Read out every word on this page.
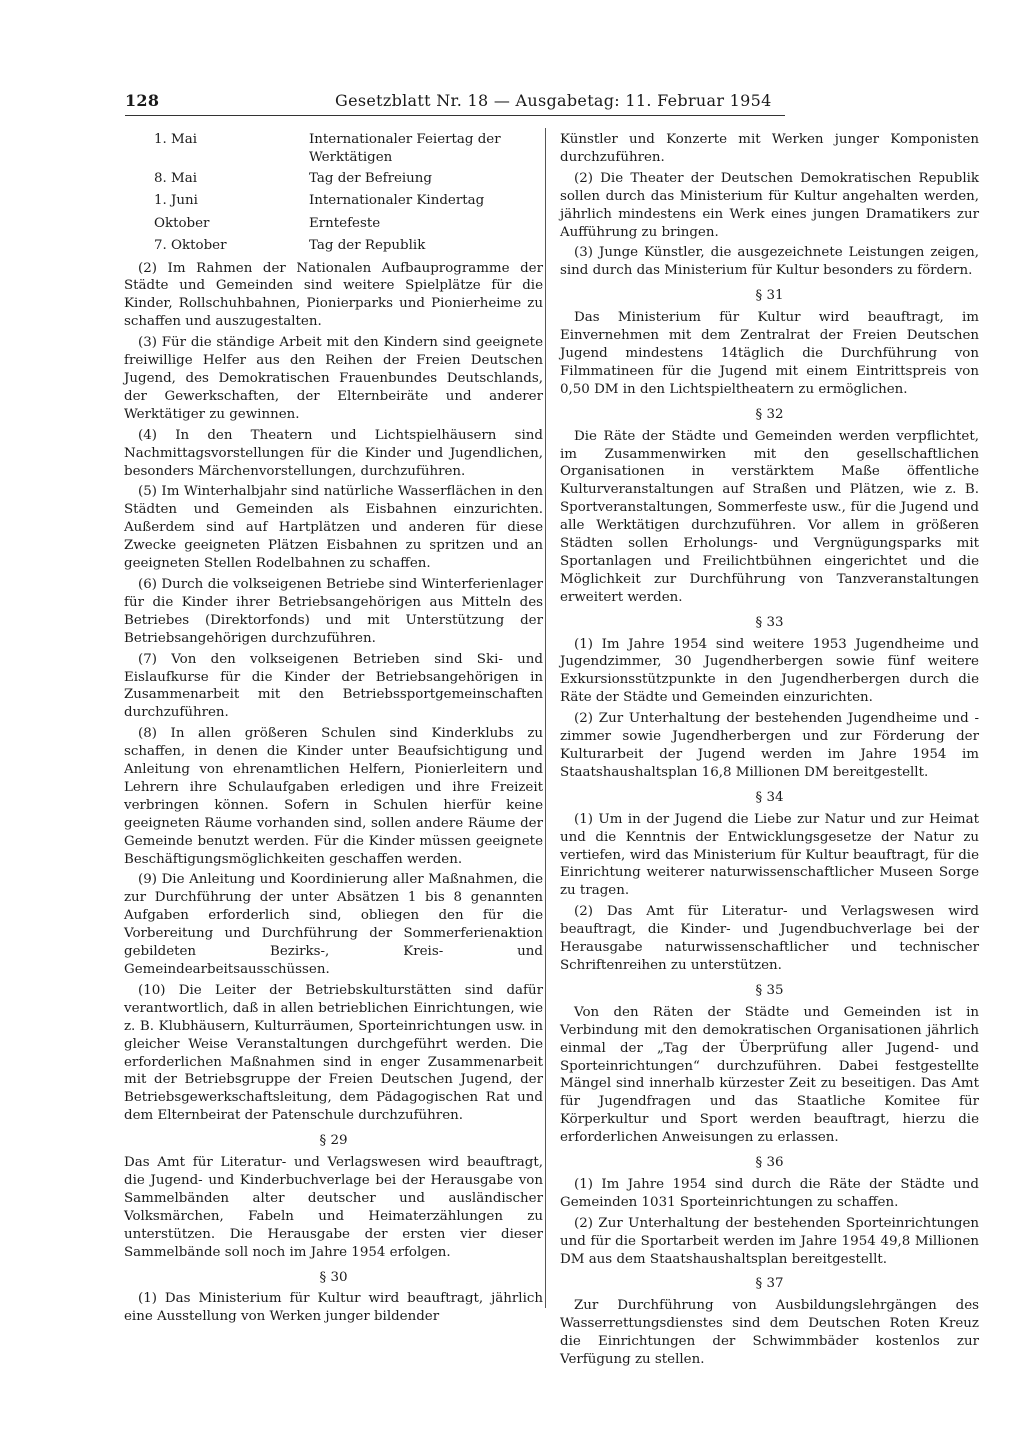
128	Gesetzblatt Nr. 18 — Ausgabetag: 11. Februar 1954
1. Mai	Internationaler Feiertag der Werktätigen
8. Mai	Tag der Befreiung
1. Juni	Internationaler Kindertag
Oktober	Erntefeste
7. Oktober	Tag der Republik

(2) Im Rahmen der Nationalen Aufbauprogramme der Städte und Gemeinden sind weitere Spielplätze für die Kinder, Rollschuhbahnen, Pionierparks und Pionierheime zu schaffen und auszugestalten.

(3) Für die ständige Arbeit mit den Kindern sind geeignete freiwillige Helfer aus den Reihen der Freien Deutschen Jugend, des Demokratischen Frauenbundes Deutschlands, der Gewerkschaften, der Elternbeiräte und anderer Werktätiger zu gewinnen.

(4) In den Theatern und Lichtspielhäusern sind Nachmittagsvorstellungen für die Kinder und Jugendlichen, besonders Märchenvorstellungen, durchzuführen.

(5) Im Winterhalbjahr sind natürliche Wasserflächen in den Städten und Gemeinden als Eisbahnen einzurichten. Außerdem sind auf Hartplätzen und anderen für diese Zwecke geeigneten Plätzen Eisbahnen zu spritzen und an geeigneten Stellen Rodelbahnen zu schaffen.

(6) Durch die volkseigenen Betriebe sind Winterferienlager für die Kinder ihrer Betriebsangehörigen aus Mitteln des Betriebes (Direktorfonds) und mit Unterstützung der Betriebsangehörigen durchzuführen.

(7) Von den volkseigenen Betrieben sind Ski- und Eislaufkurse für die Kinder der Betriebsangehörigen in Zusammenarbeit mit den Betriebssportgemeinschaften durchzuführen.

(8) In allen größeren Schulen sind Kinderklubs zu schaffen, in denen die Kinder unter Beaufsichtigung und Anleitung von ehrenamtlichen Helfern, Pionierleitern und Lehrern ihre Schulaufgaben erledigen und ihre Freizeit verbringen können. Sofern in Schulen hierfür keine geeigneten Räume vorhanden sind, sollen andere Räume der Gemeinde benutzt werden. Für die Kinder müssen geeignete Beschäftigungsmöglichkeiten geschaffen werden.

(9) Die Anleitung und Koordinierung aller Maßnahmen, die zur Durchführung der unter Absätzen 1 bis 8 genannten Aufgaben erforderlich sind, obliegen den für die Vorbereitung und Durchführung der Sommerferienaktion gebildeten Bezirks-, Kreis- und Gemeindearbeitsausschüssen.

(10) Die Leiter der Betriebskulturstätten sind dafür verantwortlich, daß in allen betrieblichen Einrichtungen, wie z. B. Klubhäusern, Kulturräumen, Sporteinrichtungen usw. in gleicher Weise Veranstaltungen durchgeführt werden. Die erforderlichen Maßnahmen sind in enger Zusammenarbeit mit der Betriebsgruppe der Freien Deutschen Jugend, der Betriebsgewerkschaftsleitung, dem Pädagogischen Rat und dem Elternbeirat der Patenschule durchzuführen.

§ 29

Das Amt für Literatur- und Verlagswesen wird beauftragt, die Jugend- und Kinderbuchverlage bei der Herausgabe von Sammelbänden alter deutscher und ausländischer Volksmärchen, Fabeln und Heimaterzählungen zu unterstützen. Die Herausgabe der ersten vier dieser Sammelbände soll noch im Jahre 1954 erfolgen.

§ 30

(1) Das Ministerium für Kultur wird beauftragt, jährlich eine Ausstellung von Werken junger bildender

Künstler und Konzerte mit Werken junger Komponisten durchzuführen.

(2) Die Theater der Deutschen Demokratischen Republik sollen durch das Ministerium für Kultur angehalten werden, jährlich mindestens ein Werk eines jungen Dramatikers zur Aufführung zu bringen.

(3) Junge Künstler, die ausgezeichnete Leistungen zeigen, sind durch das Ministerium für Kultur besonders zu fördern.

§ 31

Das Ministerium für Kultur wird beauftragt, im Einvernehmen mit dem Zentralrat der Freien Deutschen Jugend mindestens 14täglich die Durchführung von Filmmatineen für die Jugend mit einem Eintrittspreis von 0,50 DM in den Lichtspieltheatern zu ermöglichen.

§ 32

Die Räte der Städte und Gemeinden werden verpflichtet, im Zusammenwirken mit den gesellschaftlichen Organisationen in verstärktem Maße öffentliche Kulturveranstaltungen auf Straßen und Plätzen, wie z. B. Sportveranstaltungen, Sommerfeste usw., für die Jugend und alle Werktätigen durchzuführen. Vor allem in größeren Städten sollen Erholungs- und Vergnügungsparks mit Sportanlagen und Freilichtbühnen eingerichtet und die Möglichkeit zur Durchführung von Tanzveranstaltungen erweitert werden.

§ 33

(1) Im Jahre 1954 sind weitere 1953 Jugendheime und Jugendzimmer, 30 Jugendherbergen sowie fünf weitere Exkursionsstützpunkte in den Jugendherbergen durch die Räte der Städte und Gemeinden einzurichten.

(2) Zur Unterhaltung der bestehenden Jugendheime und -zimmer sowie Jugendherbergen und zur Förderung der Kulturarbeit der Jugend werden im Jahre 1954 im Staatshaushaltsplan 16,8 Millionen DM bereitgestellt.

§ 34

(1) Um in der Jugend die Liebe zur Natur und zur Heimat und die Kenntnis der Entwicklungsgesetze der Natur zu vertiefen, wird das Ministerium für Kultur beauftragt, für die Einrichtung weiterer naturwissenschaftlicher Museen Sorge zu tragen.

(2) Das Amt für Literatur- und Verlagswesen wird beauftragt, die Kinder- und Jugendbuchverlage bei der Herausgabe naturwissenschaftlicher und technischer Schriftenreihen zu unterstützen.

§ 35

Von den Räten der Städte und Gemeinden ist in Verbindung mit den demokratischen Organisationen jährlich einmal der „Tag der Überprüfung aller Jugend- und Sporteinrichtungen“ durchzuführen. Dabei festgestellte Mängel sind innerhalb kürzester Zeit zu beseitigen. Das Amt für Jugendfragen und das Staatliche Komitee für Körperkultur und Sport werden beauftragt, hierzu die erforderlichen Anweisungen zu erlassen.

§ 36

(1) Im Jahre 1954 sind durch die Räte der Städte und Gemeinden 1031 Sporteinrichtungen zu schaffen.

(2) Zur Unterhaltung der bestehenden Sporteinrichtungen und für die Sportarbeit werden im Jahre 1954 49,8 Millionen DM aus dem Staatshaushaltsplan bereitgestellt.

§ 37

Zur Durchführung von Ausbildungslehrgängen des Wasserrettungsdienstes sind dem Deutschen Roten Kreuz die Einrichtungen der Schwimmbäder kostenlos zur Verfügung zu stellen.
